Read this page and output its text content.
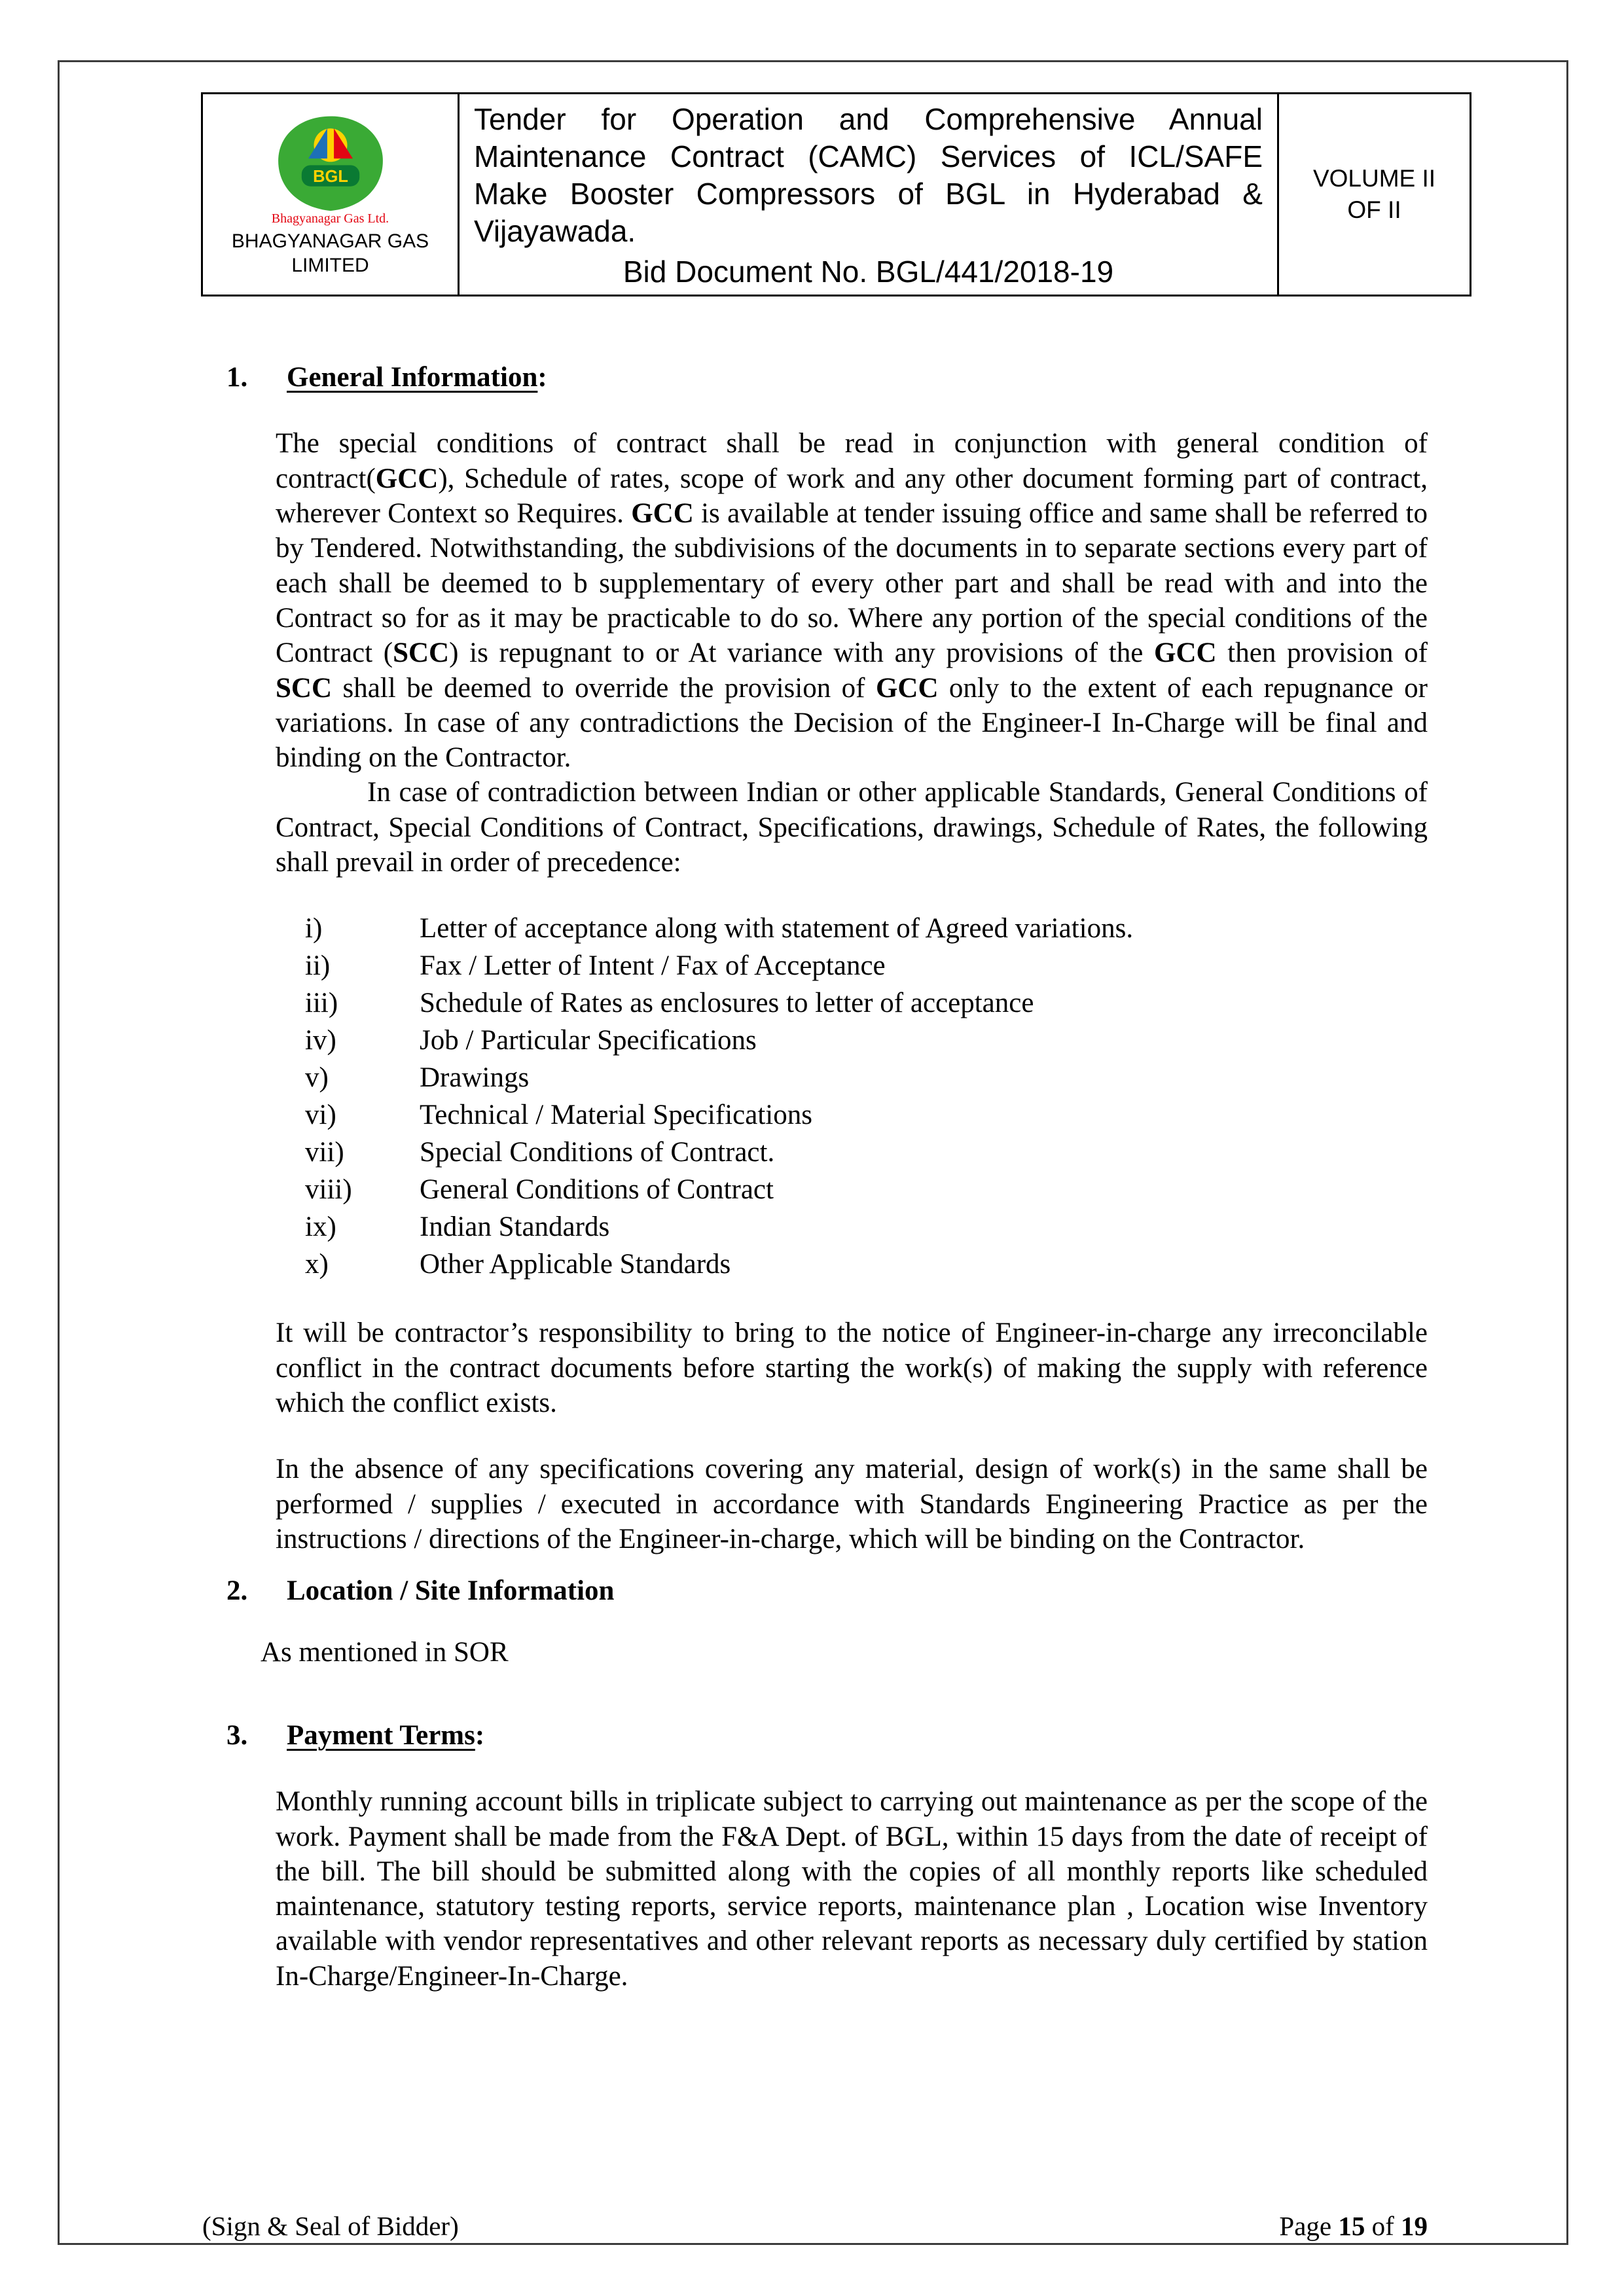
BGL
Bhagyanagar Gas Ltd.
BHAGYANAGAR GAS
LIMITED

Tender for Operation and Comprehensive Annual Maintenance Contract (CAMC) Services of ICL/SAFE Make Booster Compressors of BGL in Hyderabad & Vijayawada.
Bid Document No. BGL/441/2018-19

VOLUME II
OF II
1.	General Information:
The special conditions of contract shall be read in conjunction with general condition of contract(GCC), Schedule of rates, scope of work and any other document forming part of contract, wherever Context so Requires. GCC is available at tender issuing office and same shall be referred to by Tendered. Notwithstanding, the subdivisions of the documents in to separate sections every part of each shall be deemed to b supplementary of every other part and shall be read with and into the Contract so for as it may be practicable to do so. Where any portion of the special conditions of the Contract (SCC) is repugnant to or At variance with any provisions of the GCC then provision of SCC shall be deemed to override the provision of GCC only to the extent of each repugnance or variations. In case of any contradictions the Decision of the Engineer-I In-Charge will be final and binding on the Contractor.
In case of contradiction between Indian or other applicable Standards, General Conditions of Contract, Special Conditions of Contract, Specifications, drawings, Schedule of Rates, the following shall prevail in order of precedence:
i)	Letter of acceptance along with statement of Agreed variations.
ii)	Fax / Letter of Intent / Fax of Acceptance
iii)	Schedule of Rates as enclosures to letter of acceptance
iv)	Job / Particular Specifications
v)	Drawings
vi)	Technical / Material Specifications
vii)	Special Conditions of Contract.
viii)	General Conditions of Contract
ix)	Indian Standards
x)	Other Applicable Standards
It will be contractor’s responsibility to bring to the notice of Engineer-in-charge any irreconcilable conflict in the contract documents before starting the work(s) of making the supply with reference which the conflict exists.
In the absence of any specifications covering any material, design of work(s) in the same shall be performed / supplies / executed in accordance with Standards Engineering Practice as per the instructions / directions of the Engineer-in-charge, which will be binding on the Contractor.
2.	Location / Site Information
As mentioned in SOR
3.	Payment Terms:
Monthly running account bills in triplicate subject to carrying out maintenance as per the scope of the work. Payment shall be made from the F&A Dept. of BGL, within 15 days from the date of receipt of the bill. The bill should be submitted along with the copies of all monthly reports like scheduled maintenance, statutory testing reports, service reports, maintenance plan , Location wise Inventory available with vendor representatives and other relevant reports as necessary duly certified by station In-Charge/Engineer-In-Charge.
(Sign & Seal of Bidder)	Page 15 of 19
